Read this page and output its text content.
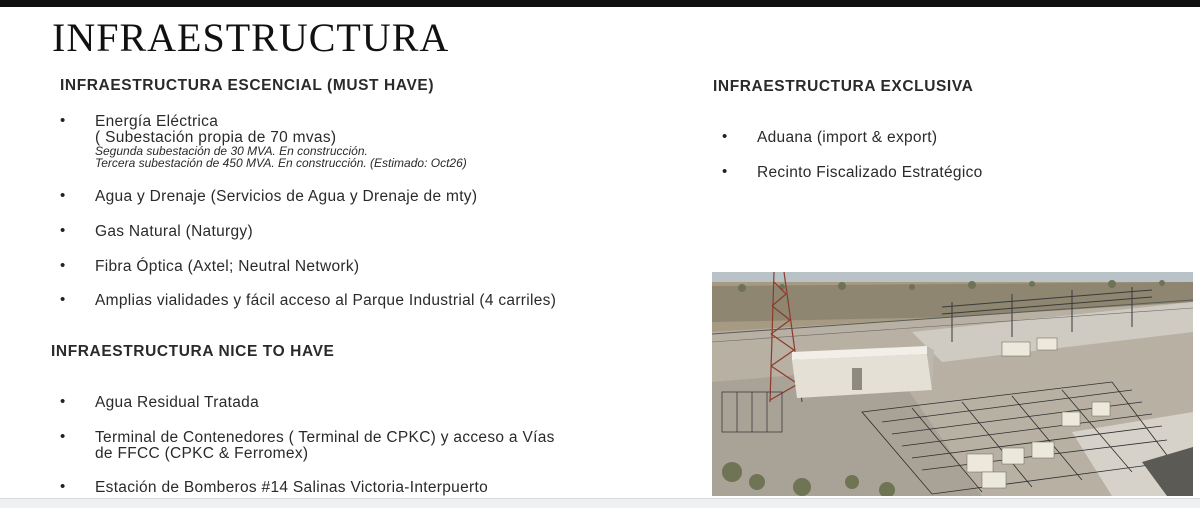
INFRAESTRUCTURA
INFRAESTRUCTURA ESCENCIAL (MUST HAVE)
• Energía Eléctrica
( Subestación propia de 70 mvas)
Segunda subestación de 30 MVA. En construcción.
Tercera subestación de 450 MVA. En construcción. (Estimado: Oct26)
• Agua y Drenaje (Servicios de Agua y Drenaje de mty)
• Gas Natural (Naturgy)
• Fibra Óptica (Axtel; Neutral Network)
• Amplias vialidades y fácil acceso al Parque Industrial (4 carriles)
INFRAESTRUCTURA NICE TO HAVE
• Agua Residual Tratada
• Terminal de Contenedores ( Terminal de CPKC) y acceso a Vías
de FFCC (CPKC & Ferromex)
• Estación de Bomberos #14 Salinas Victoria-Interpuerto
INFRAESTRUCTURA EXCLUSIVA
• Aduana (import & export)
• Recinto Fiscalizado Estratégico
